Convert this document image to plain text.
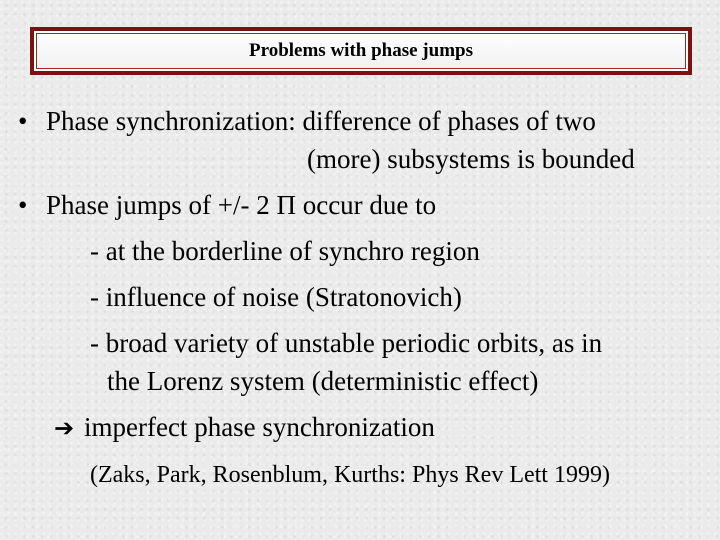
Problems with phase jumps
• Phase synchronization: difference of phases of two
(more) subsystems is bounded
• Phase jumps of +/- 2 Π occur due to
- at the borderline of synchro region
- influence of noise (Stratonovich)
- broad variety of unstable periodic orbits, as in
the Lorenz system (deterministic effect)
➔ imperfect phase synchronization
(Zaks, Park, Rosenblum, Kurths: Phys Rev Lett 1999)
